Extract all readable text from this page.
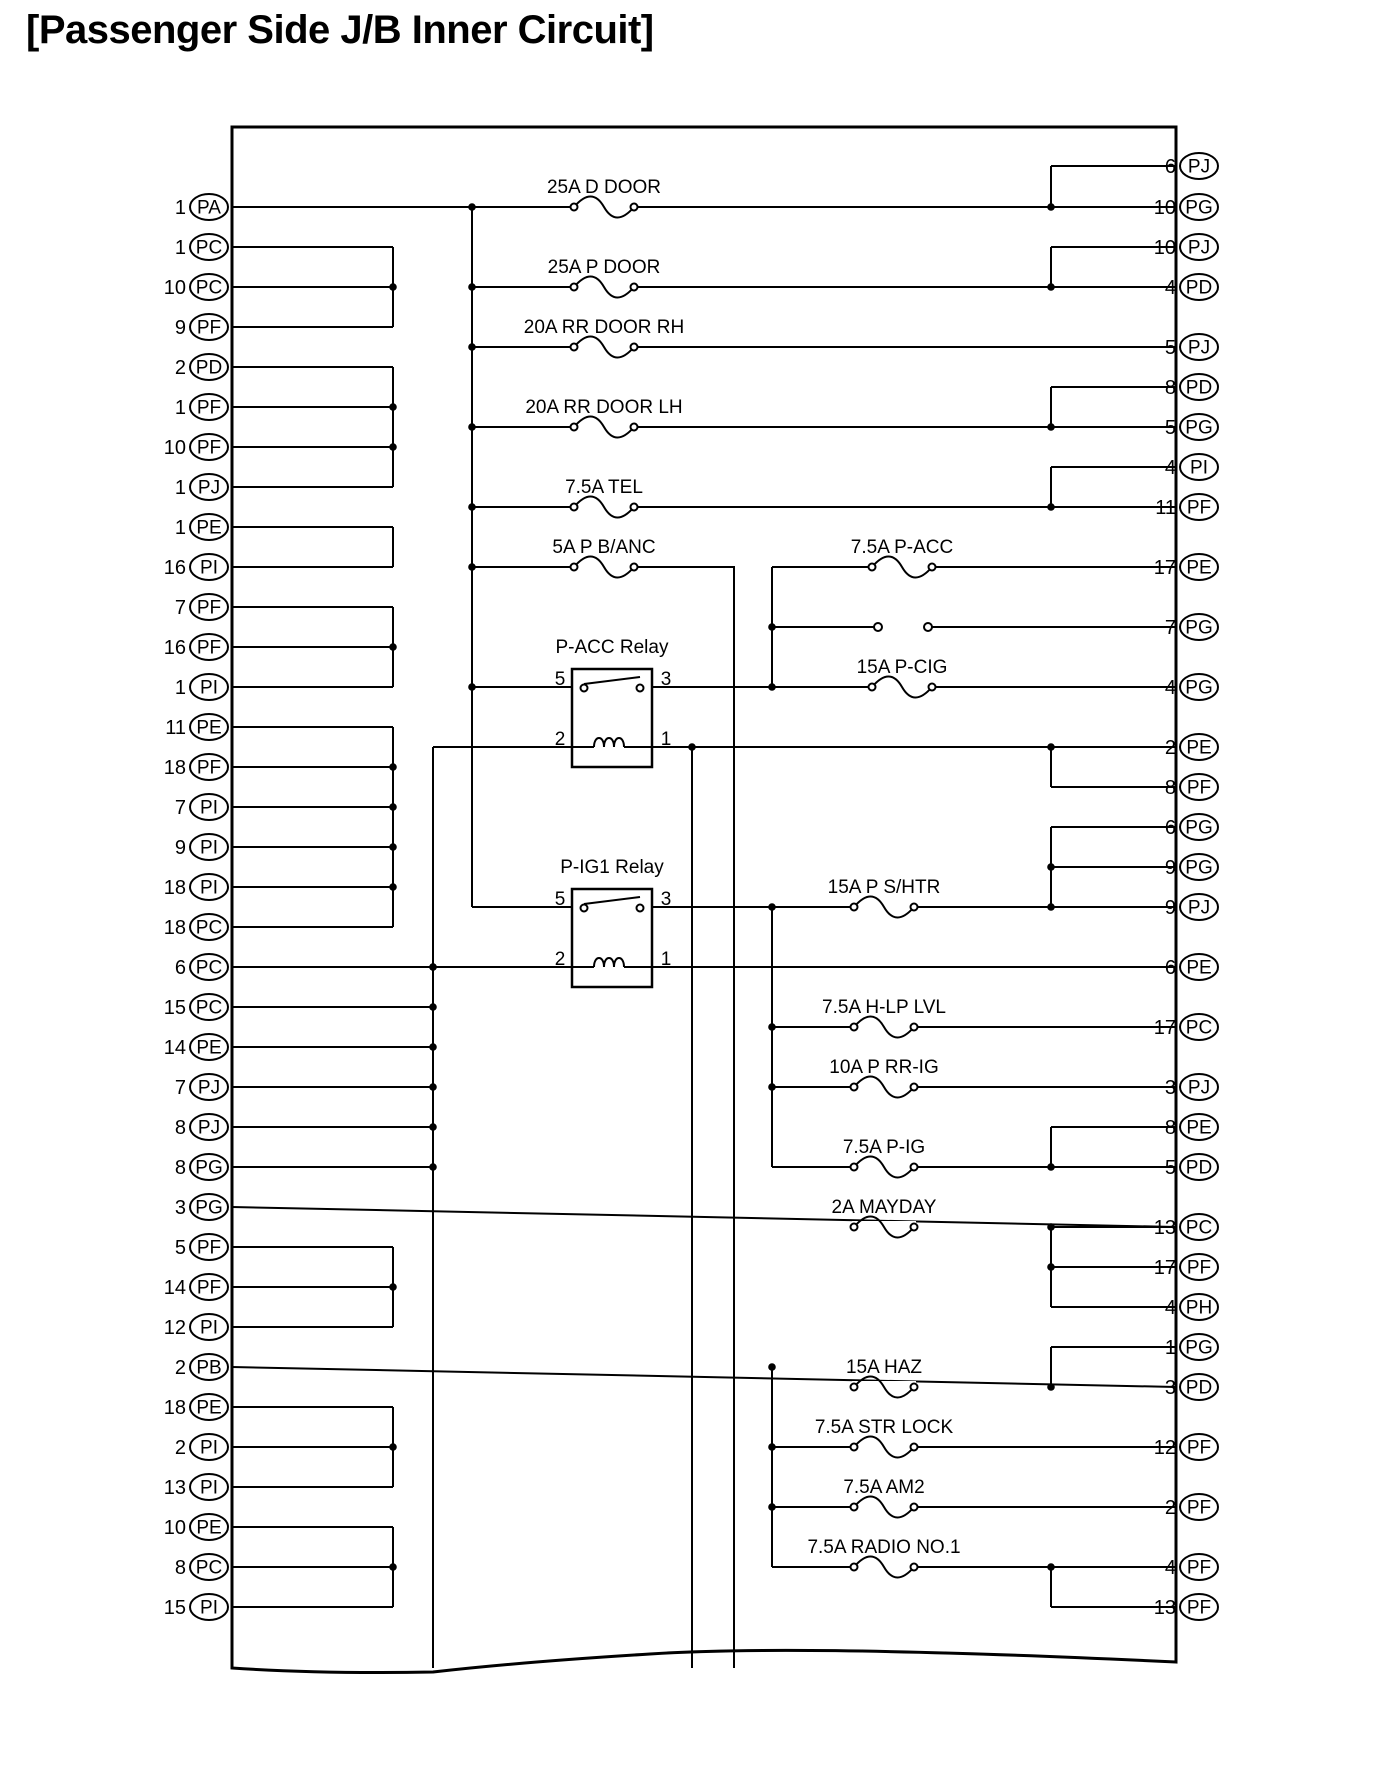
[Passenger Side J/B Inner Circuit]
PA
1
PC
1
PC
10
PF
9
PD
2
PF
1
PF
10
PJ
1
PE
1
PI
16
PF
7
PF
16
PI
1
PE
11
PF
18
PI
7
PI
9
PI
18
PC
18
PC
6
PC
15
PE
14
PJ
7
PJ
8
PG
8
PG
3
PF
5
PF
14
PI
12
PB
2
PE
18
PI
2
PI
13
PE
10
PC
8
PI
15
PJ
6
PG
10
PJ
10
PD
4
PJ
5
PD
8
PG
5
PI
4
PF
11
PE
17
PG
7
PG
4
PE
2
PF
8
PG
6
PG
9
PJ
9
PE
6
PC
17
PJ
3
PE
8
PD
5
PC
13
PF
17
PH
4
PG
1
PD
3
PF
12
PF
2
PF
4
PF
13
25A D DOOR
25A P DOOR
20A RR DOOR RH
20A RR DOOR LH
7.5A TEL
5A P B/ANC	7.5A P-ACC
15A P-CIG
15A P S/HTR
7.5A H-LP LVL
10A P RR-IG
7.5A P-IG
2A MAYDAY
15A HAZ
7.5A STR LOCK
7.5A AM2
7.5A RADIO NO.1
P-ACC Relay
5	3
2	1
P-IG1 Relay
5	3
2	1
